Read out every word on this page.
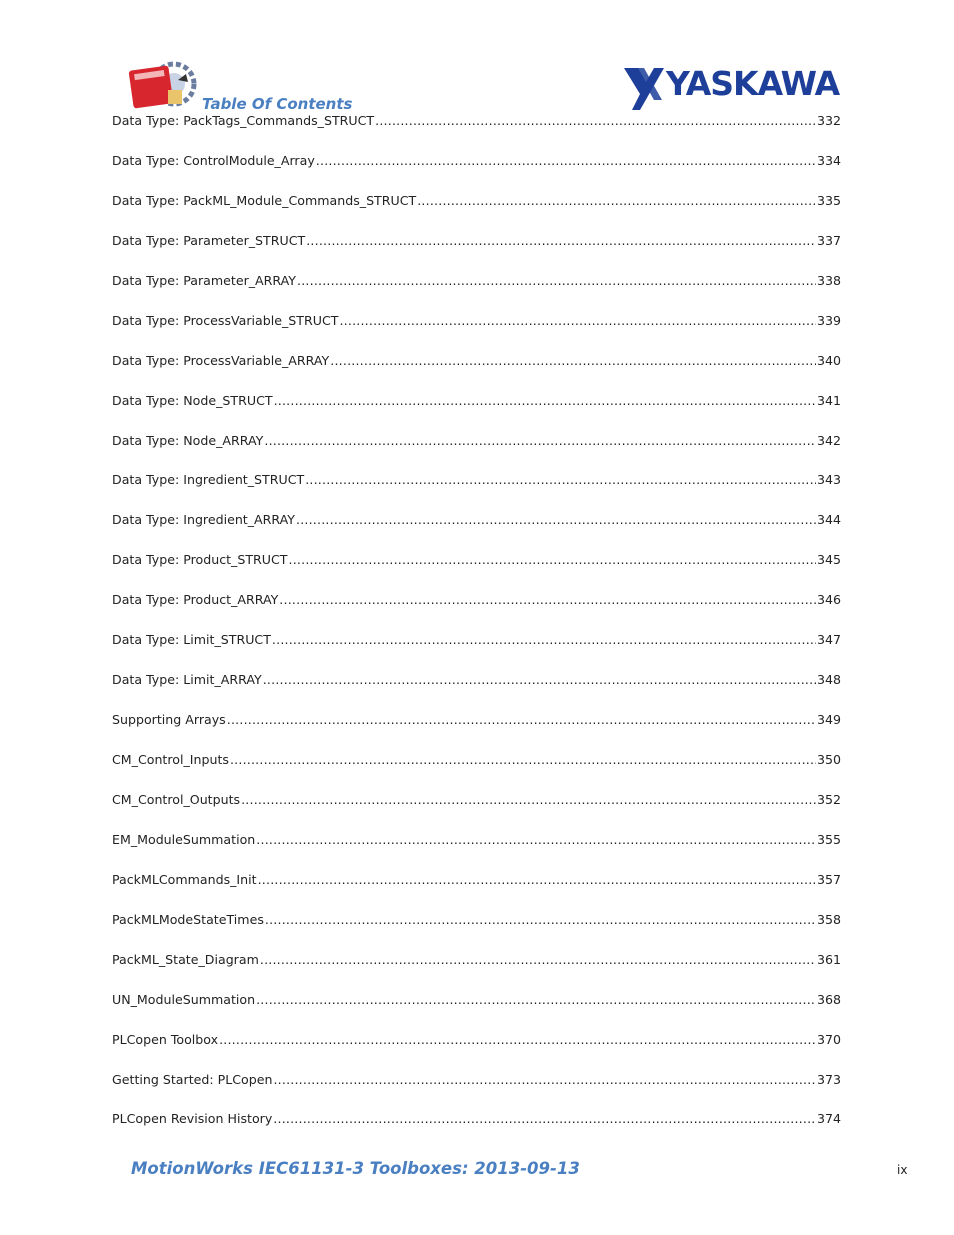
YASKAWA
Table Of Contents
Data Type: PackTags_Commands_STRUCT .....	332
Data Type: ControlModule_Array .....	334
Data Type: PackML_Module_Commands_STRUCT .....	335
Data Type: Parameter_STRUCT .....	337
Data Type: Parameter_ARRAY .....	338
Data Type: ProcessVariable_STRUCT .....	339
Data Type: ProcessVariable_ARRAY .....	340
Data Type: Node_STRUCT .....	341
Data Type: Node_ARRAY .....	342
Data Type: Ingredient_STRUCT .....	343
Data Type: Ingredient_ARRAY .....	344
Data Type: Product_STRUCT .....	345
Data Type: Product_ARRAY .....	346
Data Type: Limit_STRUCT .....	347
Data Type: Limit_ARRAY .....	348
Supporting Arrays .....	349
CM_Control_Inputs .....	350
CM_Control_Outputs .....	352
EM_ModuleSummation .....	355
PackMLCommands_Init .....	357
PackMLModeStateTimes .....	358
PackML_State_Diagram .....	361
UN_ModuleSummation .....	368
PLCopen Toolbox .....	370
Getting Started: PLCopen .....	373
PLCopen Revision History .....	374
MotionWorks IEC61131-3 Toolboxes: 2013-09-13	ix
